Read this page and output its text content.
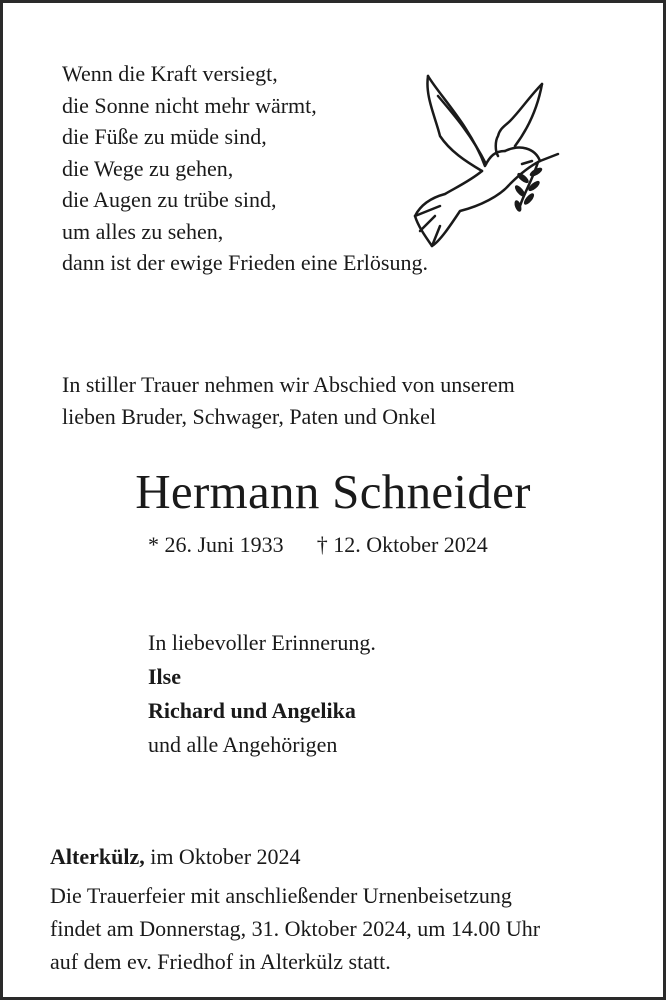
Wenn die Kraft versiegt,
die Sonne nicht mehr wärmt,
die Füße zu müde sind,
die Wege zu gehen,
die Augen zu trübe sind,
um alles zu sehen,
dann ist der ewige Frieden eine Erlösung.
In stiller Trauer nehmen wir Abschied von unserem
lieben Bruder, Schwager, Paten und Onkel
Hermann Schneider
* 26. Juni 1933 † 12. Oktober 2024
In liebevoller Erinnerung.
Ilse
Richard und Angelika
und alle Angehörigen
Alterkülz, im Oktober 2024
Die Trauerfeier mit anschließender Urnenbeisetzung
findet am Donnerstag, 31. Oktober 2024, um 14.00 Uhr
auf dem ev. Friedhof in Alterkülz statt.
